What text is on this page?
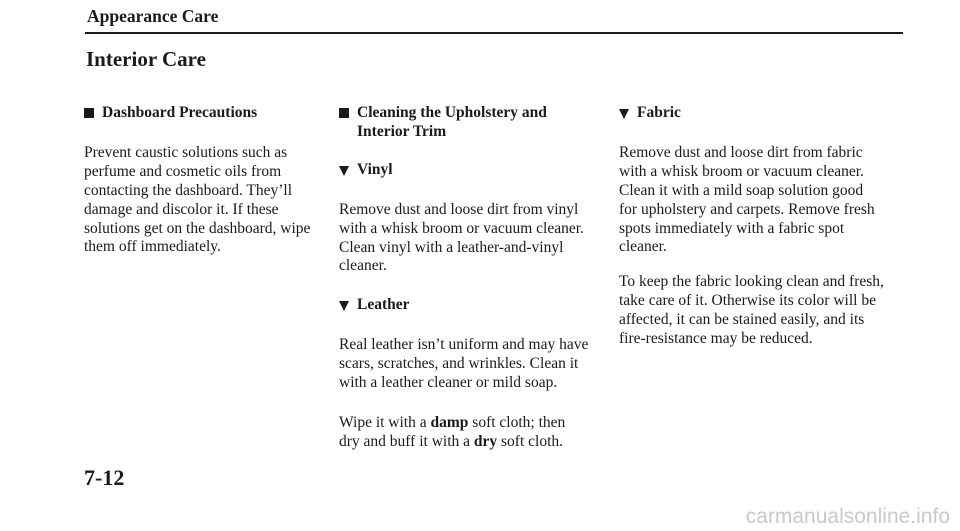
Appearance Care
Interior Care
Dashboard Precautions

Prevent caustic solutions such as perfume and cosmetic oils from contacting the dashboard. They’ll damage and discolor it. If these solutions get on the dashboard, wipe them off immediately.

Cleaning the Upholstery and
Interior Trim
Vinyl

Remove dust and loose dirt from vinyl with a whisk broom or vacuum cleaner. Clean vinyl with a leather-and-vinyl cleaner.

Leather

Real leather isn’t uniform and may have scars, scratches, and wrinkles. Clean it with a leather cleaner or mild soap.

Wipe it with a damp soft cloth; then dry and buff it with a dry soft cloth.

Fabric

Remove dust and loose dirt from fabric with a whisk broom or vacuum cleaner. Clean it with a mild soap solution good for upholstery and carpets. Remove fresh spots immediately with a fabric spot cleaner.

To keep the fabric looking clean and fresh, take care of it. Otherwise its color will be affected, it can be stained easily, and its fire-resistance may be reduced.

7-12
carmanualsonline.info
